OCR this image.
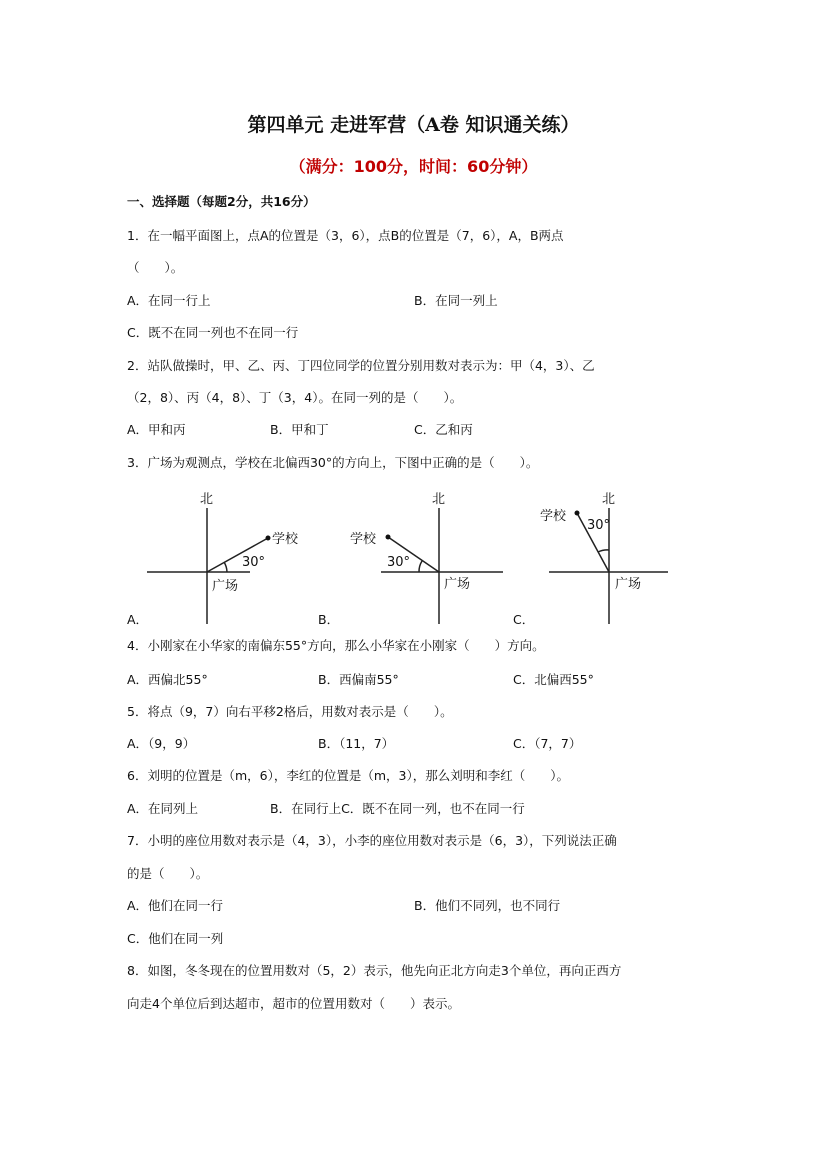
第四单元 走进军营（A卷 知识通关练）
（满分：100分，时间：60分钟）
一、选择题（每题2分，共16分）
1．在一幅平面图上，点A的位置是（3，6），点B的位置是（7，6），A，B两点
（　　）。
A．在同一行上	B．在同一列上
C．既不在同一列也不在同一行
2．站队做操时，甲、乙、丙、丁四位同学的位置分别用数对表示为：甲（4，3）、乙
（2，8）、丙（4，8）、丁（3，4）。在同一列的是（　　）。
A．甲和丙	B．甲和丁	C．乙和丙
3．广场为观测点，学校在北偏西30°的方向上，下图中正确的是（　　）。
北
学校
30°
广场
北
学校
30°
广场
北
学校
30°
广场
A．	B．	C．
4．小刚家在小华家的南偏东55°方向，那么小华家在小刚家（　　）方向。
A．西偏北55°	B．西偏南55°	C．北偏西55°
5．将点（9，7）向右平移2格后，用数对表示是（　　）。
A．（9，9）	B．（11，7）	C．（7，7）
6．刘明的位置是（m，6），李红的位置是（m，3），那么刘明和李红（　　）。
A．在同列上	B．在同行上C．既不在同一列，也不在同一行
7．小明的座位用数对表示是（4，3），小李的座位用数对表示是（6，3），下列说法正确
的是（　　）。
A．他们在同一行	B．他们不同列，也不同行
C．他们在同一列
8．如图，冬冬现在的位置用数对（5，2）表示，他先向正北方向走3个单位，再向正西方
向走4个单位后到达超市，超市的位置用数对（　　）表示。
